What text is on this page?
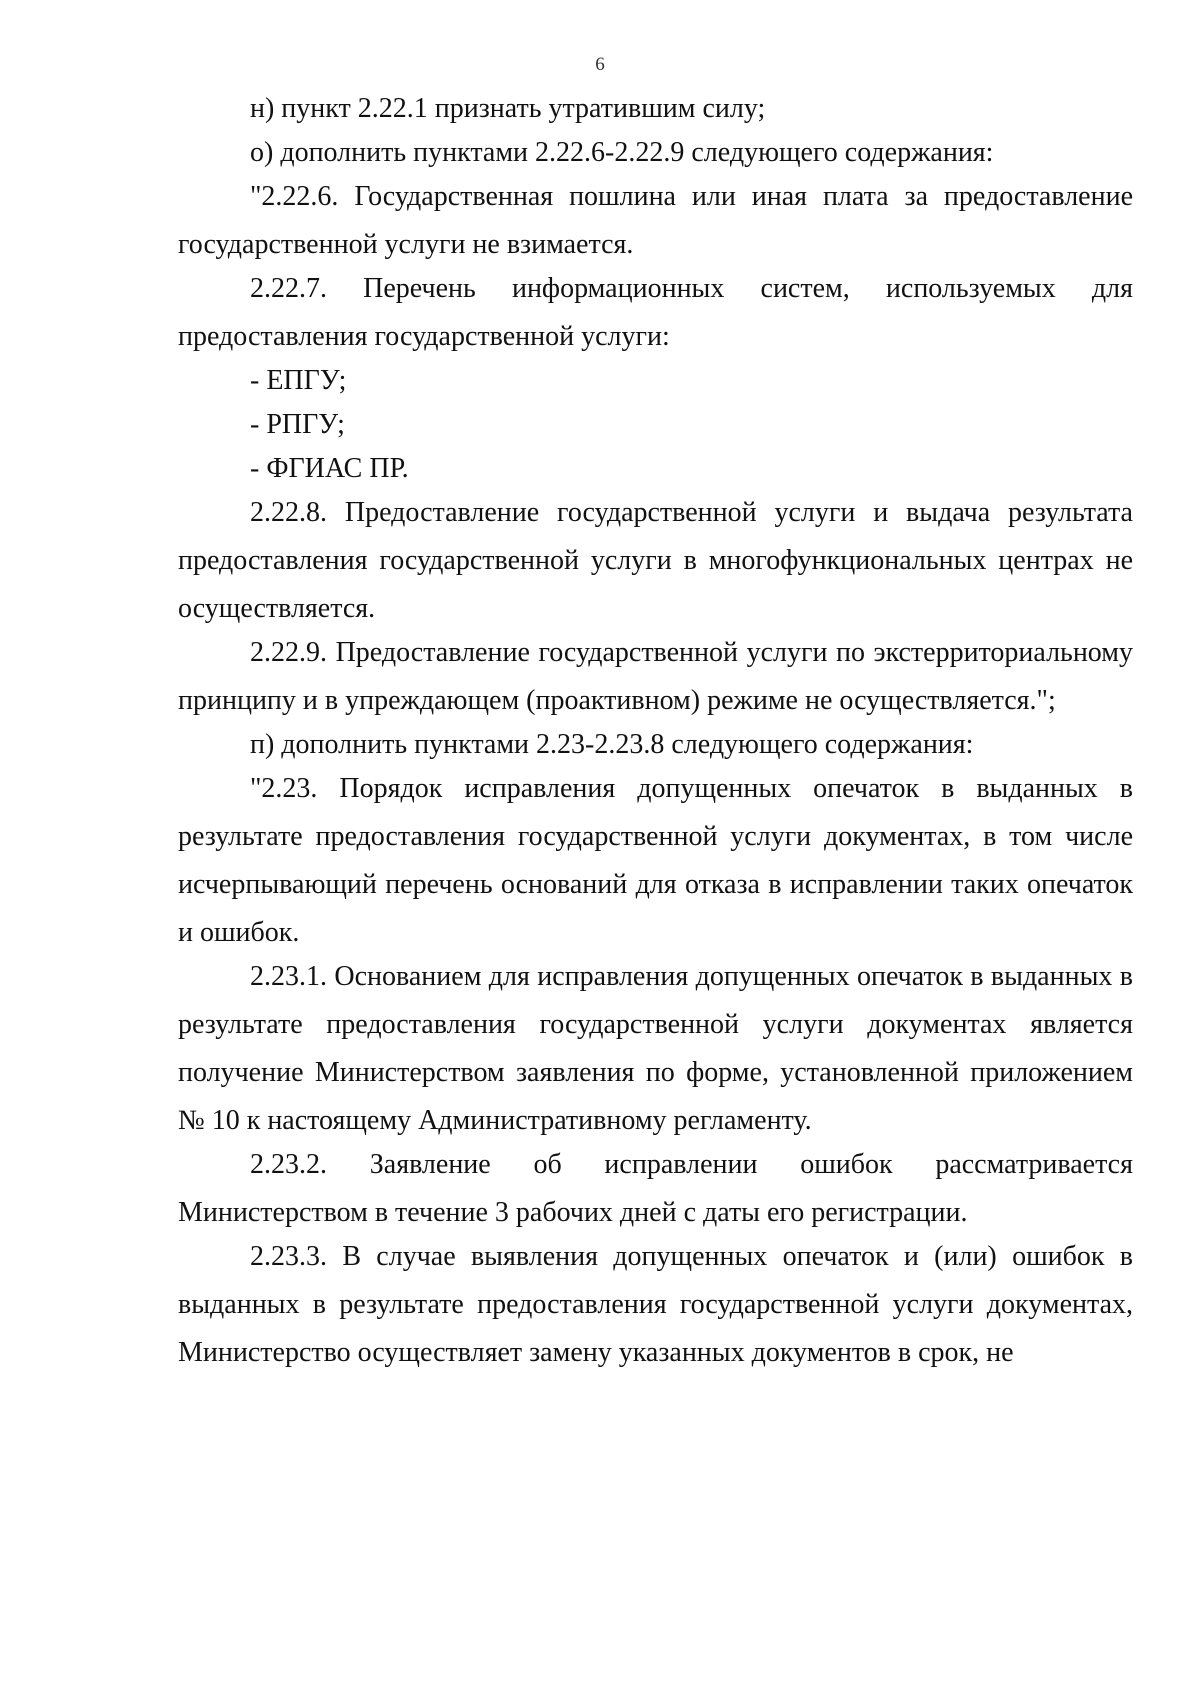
6

н) пункт 2.22.1 признать утратившим силу;

о) дополнить пунктами 2.22.6-2.22.9 следующего содержания:

"2.22.6. Государственная пошлина или иная плата за предоставление государственной услуги не взимается.

2.22.7. Перечень информационных систем, используемых для предоставления государственной услуги:

- ЕПГУ;

- РПГУ;

- ФГИАС ПР.

2.22.8. Предоставление государственной услуги и выдача результата предоставления государственной услуги в многофункциональных центрах не осуществляется.

2.22.9. Предоставление государственной услуги по экстерриториальному принципу и в упреждающем (проактивном) режиме не осуществляется.";

п) дополнить пунктами 2.23-2.23.8 следующего содержания:

"2.23. Порядок исправления допущенных опечаток в выданных в результате предоставления государственной услуги документах, в том числе исчерпывающий перечень оснований для отказа в исправлении таких опечаток и ошибок.

2.23.1. Основанием для исправления допущенных опечаток в выданных в результате предоставления государственной услуги документах является получение Министерством заявления по форме, установленной приложением № 10 к настоящему Административному регламенту.

2.23.2. Заявление об исправлении ошибок рассматривается Министерством в течение 3 рабочих дней с даты его регистрации.

2.23.3. В случае выявления допущенных опечаток и (или) ошибок в выданных в результате предоставления государственной услуги документах, Министерство осуществляет замену указанных документов в срок, не
